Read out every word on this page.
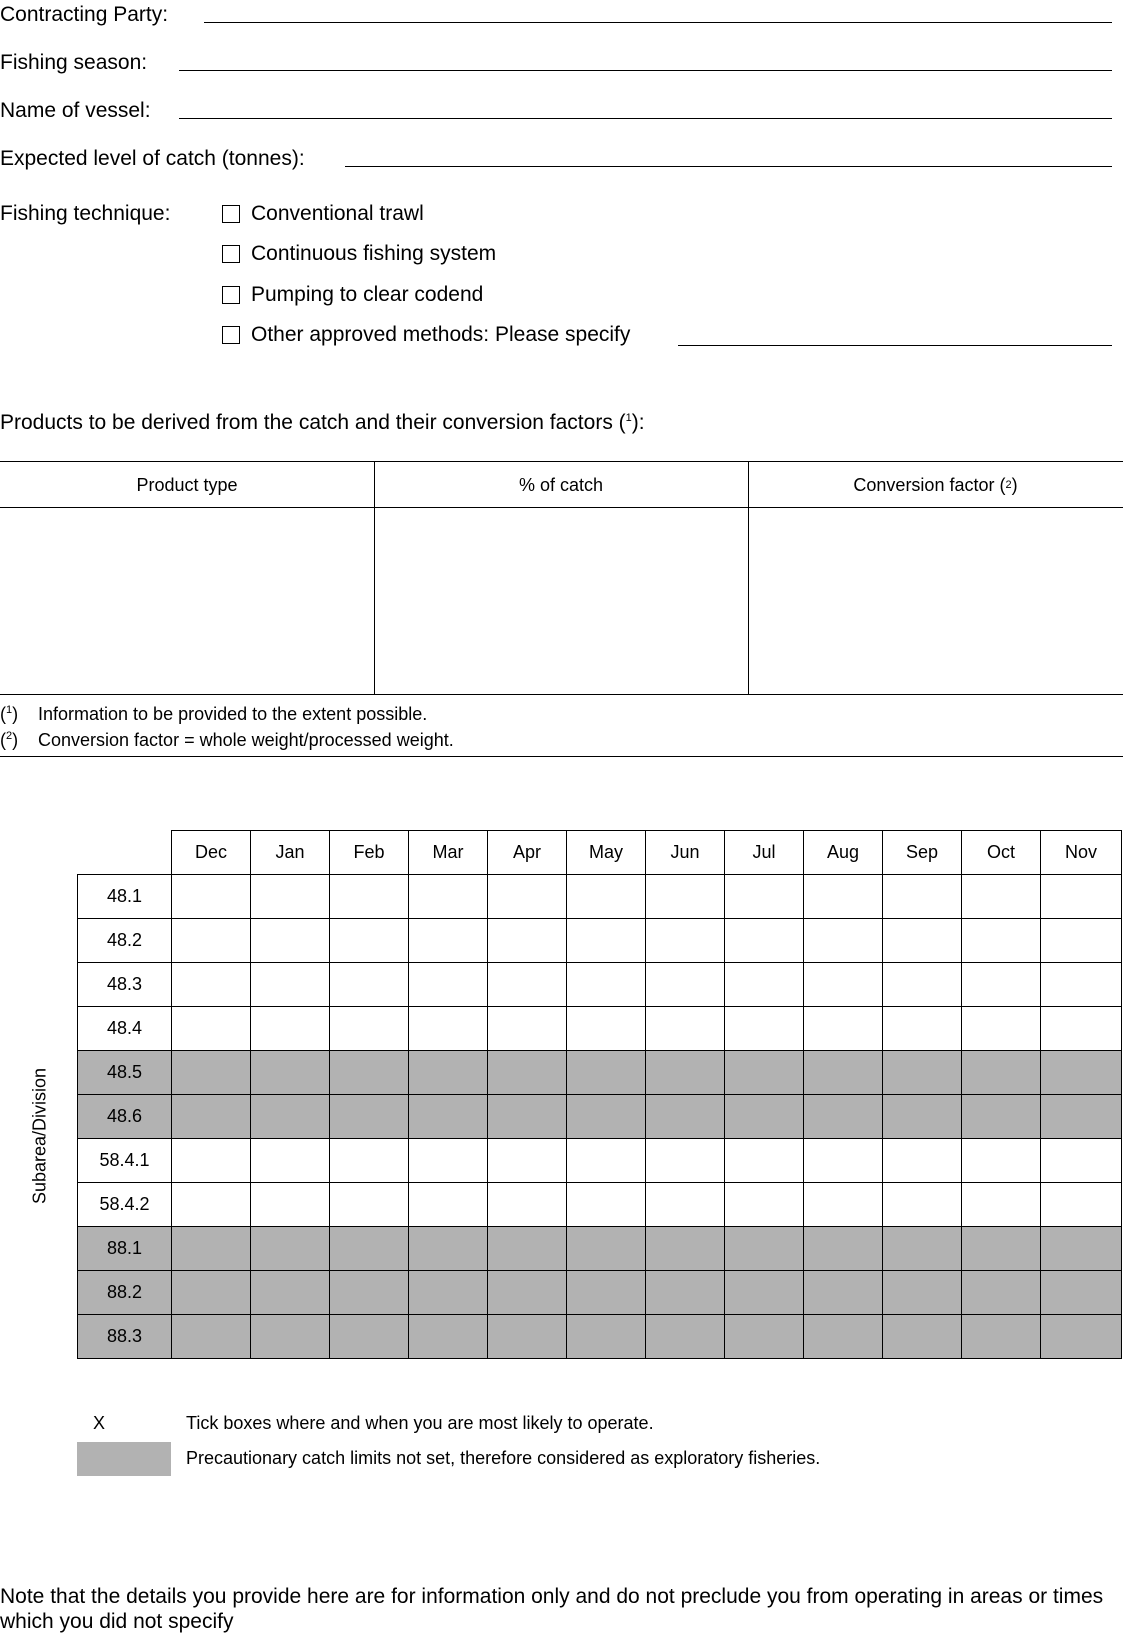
Contracting Party:
Fishing season:
Name of vessel:
Expected level of catch (tonnes):
Fishing technique:	Conventional trawl
Continuous fishing system
Pumping to clear codend
Other approved methods: Please specify
Products to be derived from the catch and their conversion factors ($^1$):
Product type	% of catch	Conversion factor ( 2 )
($^1$) Information to be provided to the extent possible.
($^2$) Conversion factor = whole weight/processed weight.
Subarea/Division
	Dec	Jan	Feb	Mar	Apr	May	Jun	Jul	Aug	Sep	Oct	Nov
48.1												
48.2												
48.3												
48.4												
48.5												
48.6												
58.4.1												
58.4.2												
88.1												
88.2												
88.3												
X	Tick boxes where and when you are most likely to operate.
Precautionary catch limits not set, therefore considered as exploratory fisheries.
Note that the details you provide here are for information only and do not preclude you from operating in areas or times which you did not specify
